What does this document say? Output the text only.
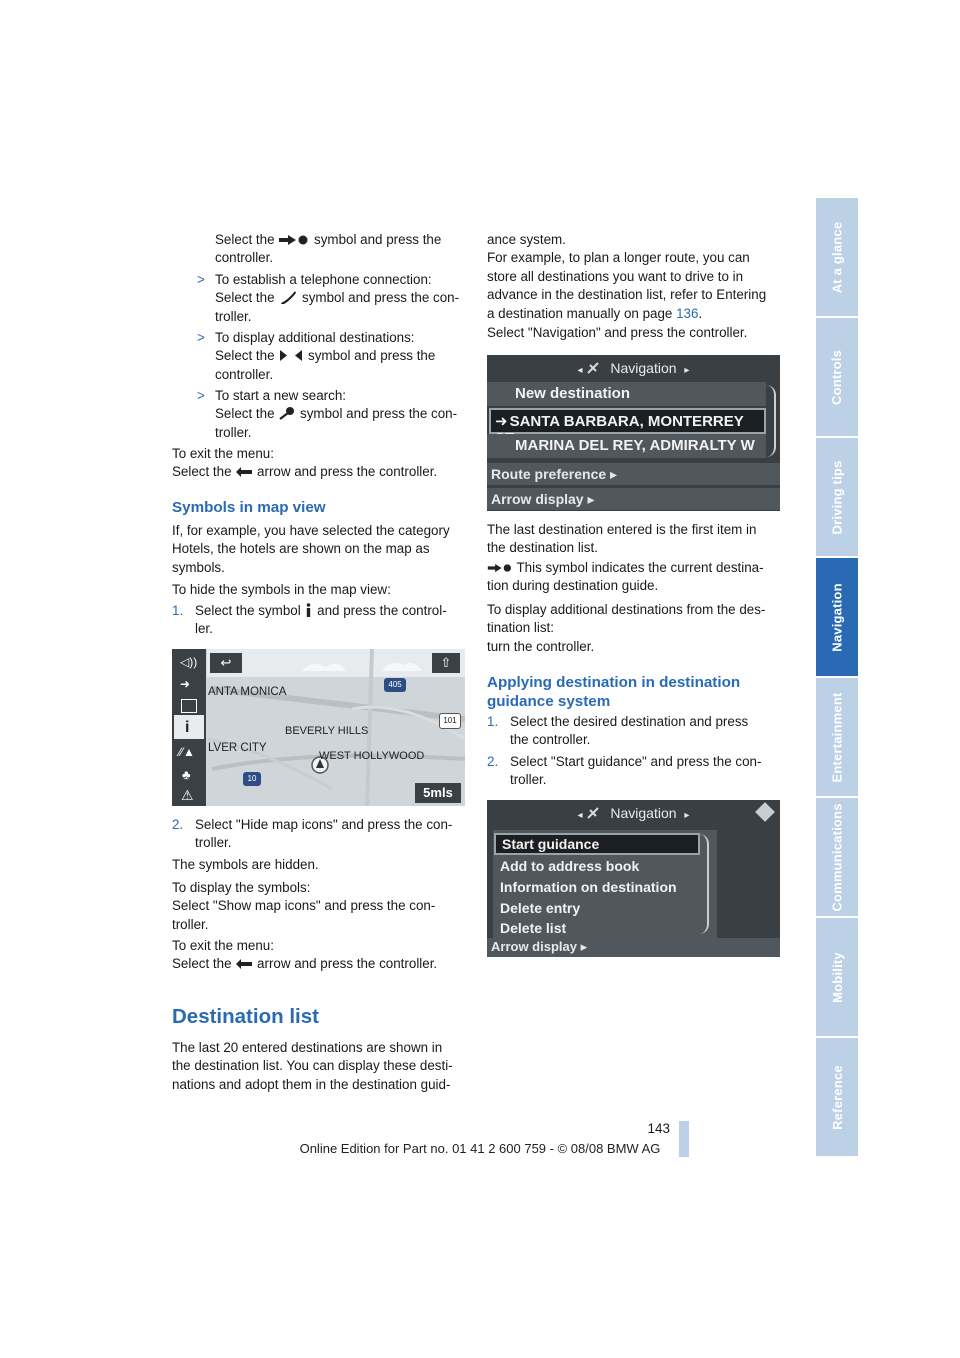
Select the	symbol and press the
controller.
> To establish a telephone connection:
Select the symbol and press the con-
troller.
> To display additional destinations:
Select the symbol and press the
controller.
> To start a new search:
Select the symbol and press the con-
troller.
To exit the menu:
Select the arrow and press the controller.
Symbols in map view
If, for example, you have selected the category
Hotels, the hotels are shown on the map as
symbols.
To hide the symbols in the map view:
1. Select the symbol and press the control-
ler.
◁))
➜
i
⁄⁄▲
♣
⚠
↩	⇧
ANTA MONICA
BEVERLY HILLS
LVER CITY
WEST HOLLYWOOD
405
101
10
5mls
2. Select "Hide map icons" and press the con-
troller.
The symbols are hidden.
To display the symbols:
Select "Show map icons" and press the con-
troller.
To exit the menu:
Select the arrow and press the controller.
Destination list
The last 20 entered destinations are shown in
the destination list. You can display these desti-
nations and adopt them in the destination guid-
ance system.
For example, to plan a longer route, you can
store all destinations you want to drive to in
advance in the destination list, refer to Entering
a destination manually on page 136.
Select "Navigation" and press the controller.
◂ Navigation ▸
New destination
➜ SANTA BARBARA, MONTERREY
MARINA DEL REY, ADMIRALTY W
Route preference ▸
Arrow display ▸
The last destination entered is the first item in
the destination list.
This symbol indicates the current destina-
tion during destination guide.
To display additional destinations from the des-
tination list:
turn the controller.
Applying destination in destination
guidance system
1. Select the desired destination and press
the controller.
2. Select "Start guidance" and press the con-
troller.
◂ Navigation ▸
Start guidance
Add to address book
Information on destination
Delete entry
Delete list
Arrow display ▸
143
Online Edition for Part no. 01 41 2 600 759 - © 08/08 BMW AG
At a glance
Controls
Driving tips
Navigation
Entertainment
Communications
Mobility
Reference
